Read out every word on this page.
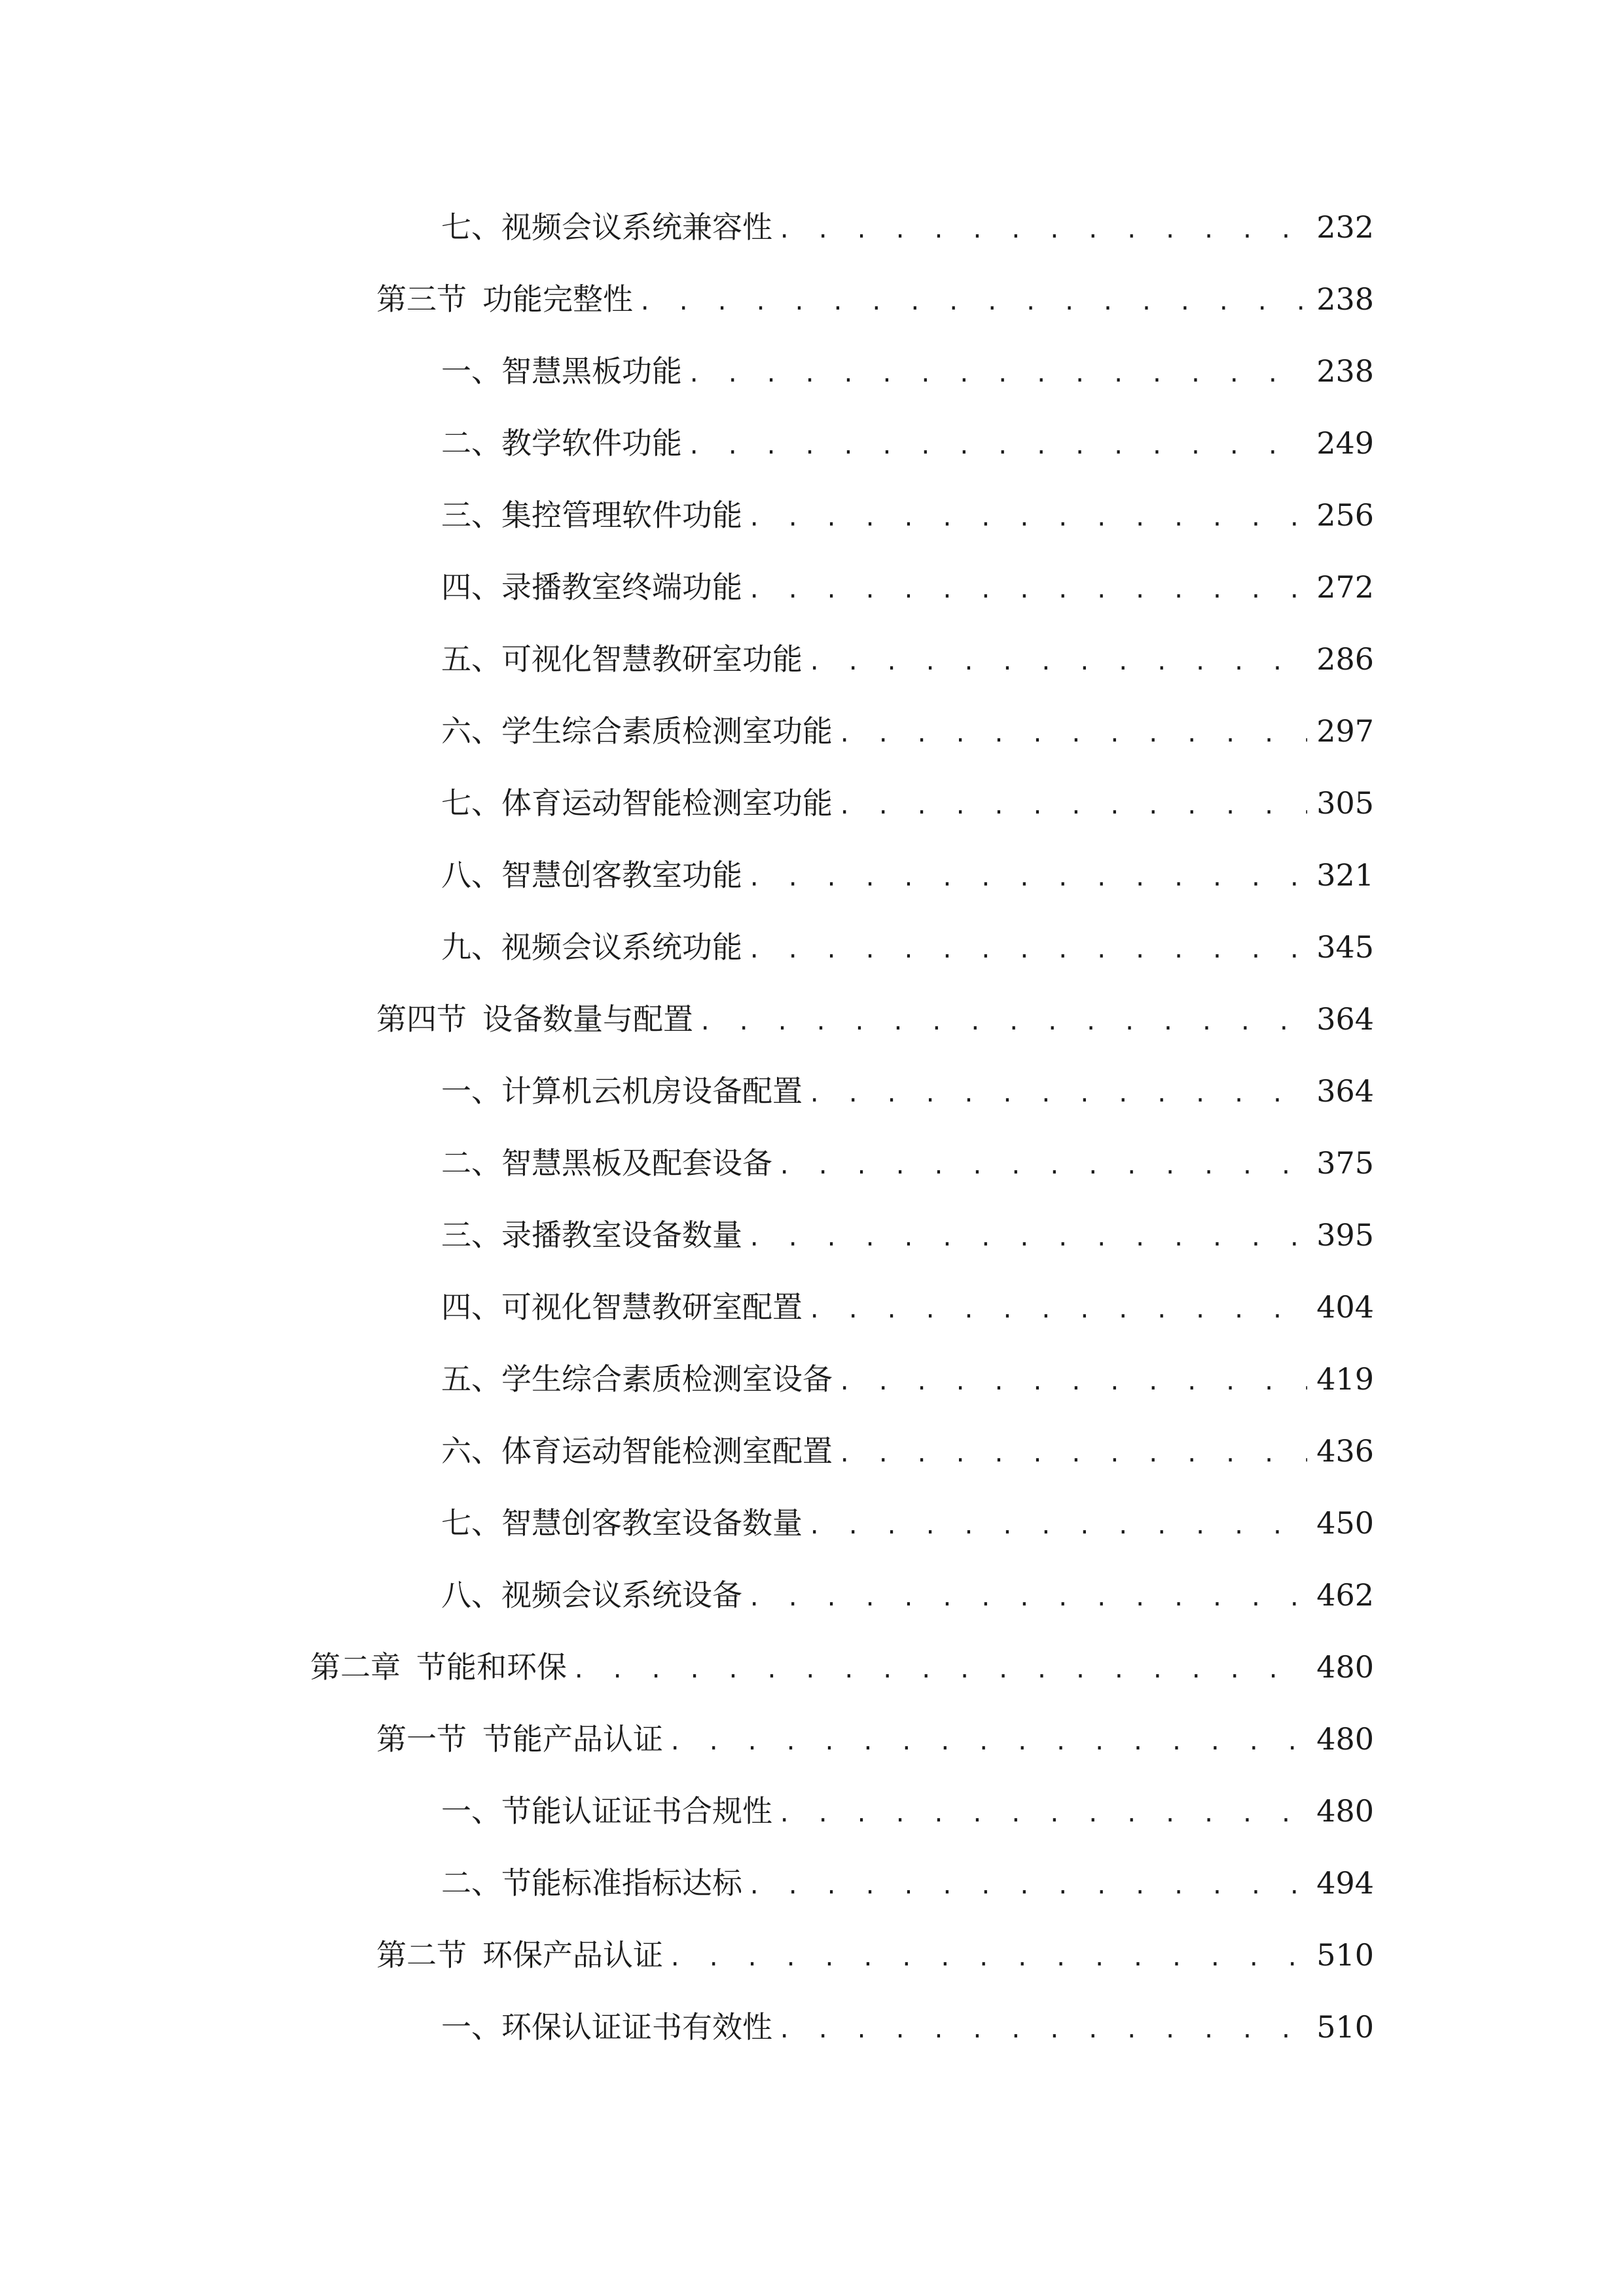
七、 视频会议系统兼容性 . . .	232
第三节 功能完整性 . . .	238
一、 智慧黑板功能 . . .	238
二、 教学软件功能 . . .	249
三、 集控管理软件功能 . . .	256
四、 录播教室终端功能 . . .	272
五、 可视化智慧教研室功能 . . .	286
六、 学生综合素质检测室功能 . . .	297
七、 体育运动智能检测室功能 . . .	305
八、 智慧创客教室功能 . . .	321
九、 视频会议系统功能 . . .	345
第四节 设备数量与配置 . . .	364
一、 计算机云机房设备配置 . . .	364
二、 智慧黑板及配套设备 . . .	375
三、 录播教室设备数量 . . .	395
四、 可视化智慧教研室配置 . . .	404
五、 学生综合素质检测室设备 . . .	419
六、 体育运动智能检测室配置 . . .	436
七、 智慧创客教室设备数量 . . .	450
八、 视频会议系统设备 . . .	462
第二章 节能和环保 . . .	480
第一节 节能产品认证 . . .	480
一、 节能认证证书合规性 . . .	480
二、 节能标准指标达标 . . .	494
第二节 环保产品认证 . . .	510
一、 环保认证证书有效性 . . .	510
